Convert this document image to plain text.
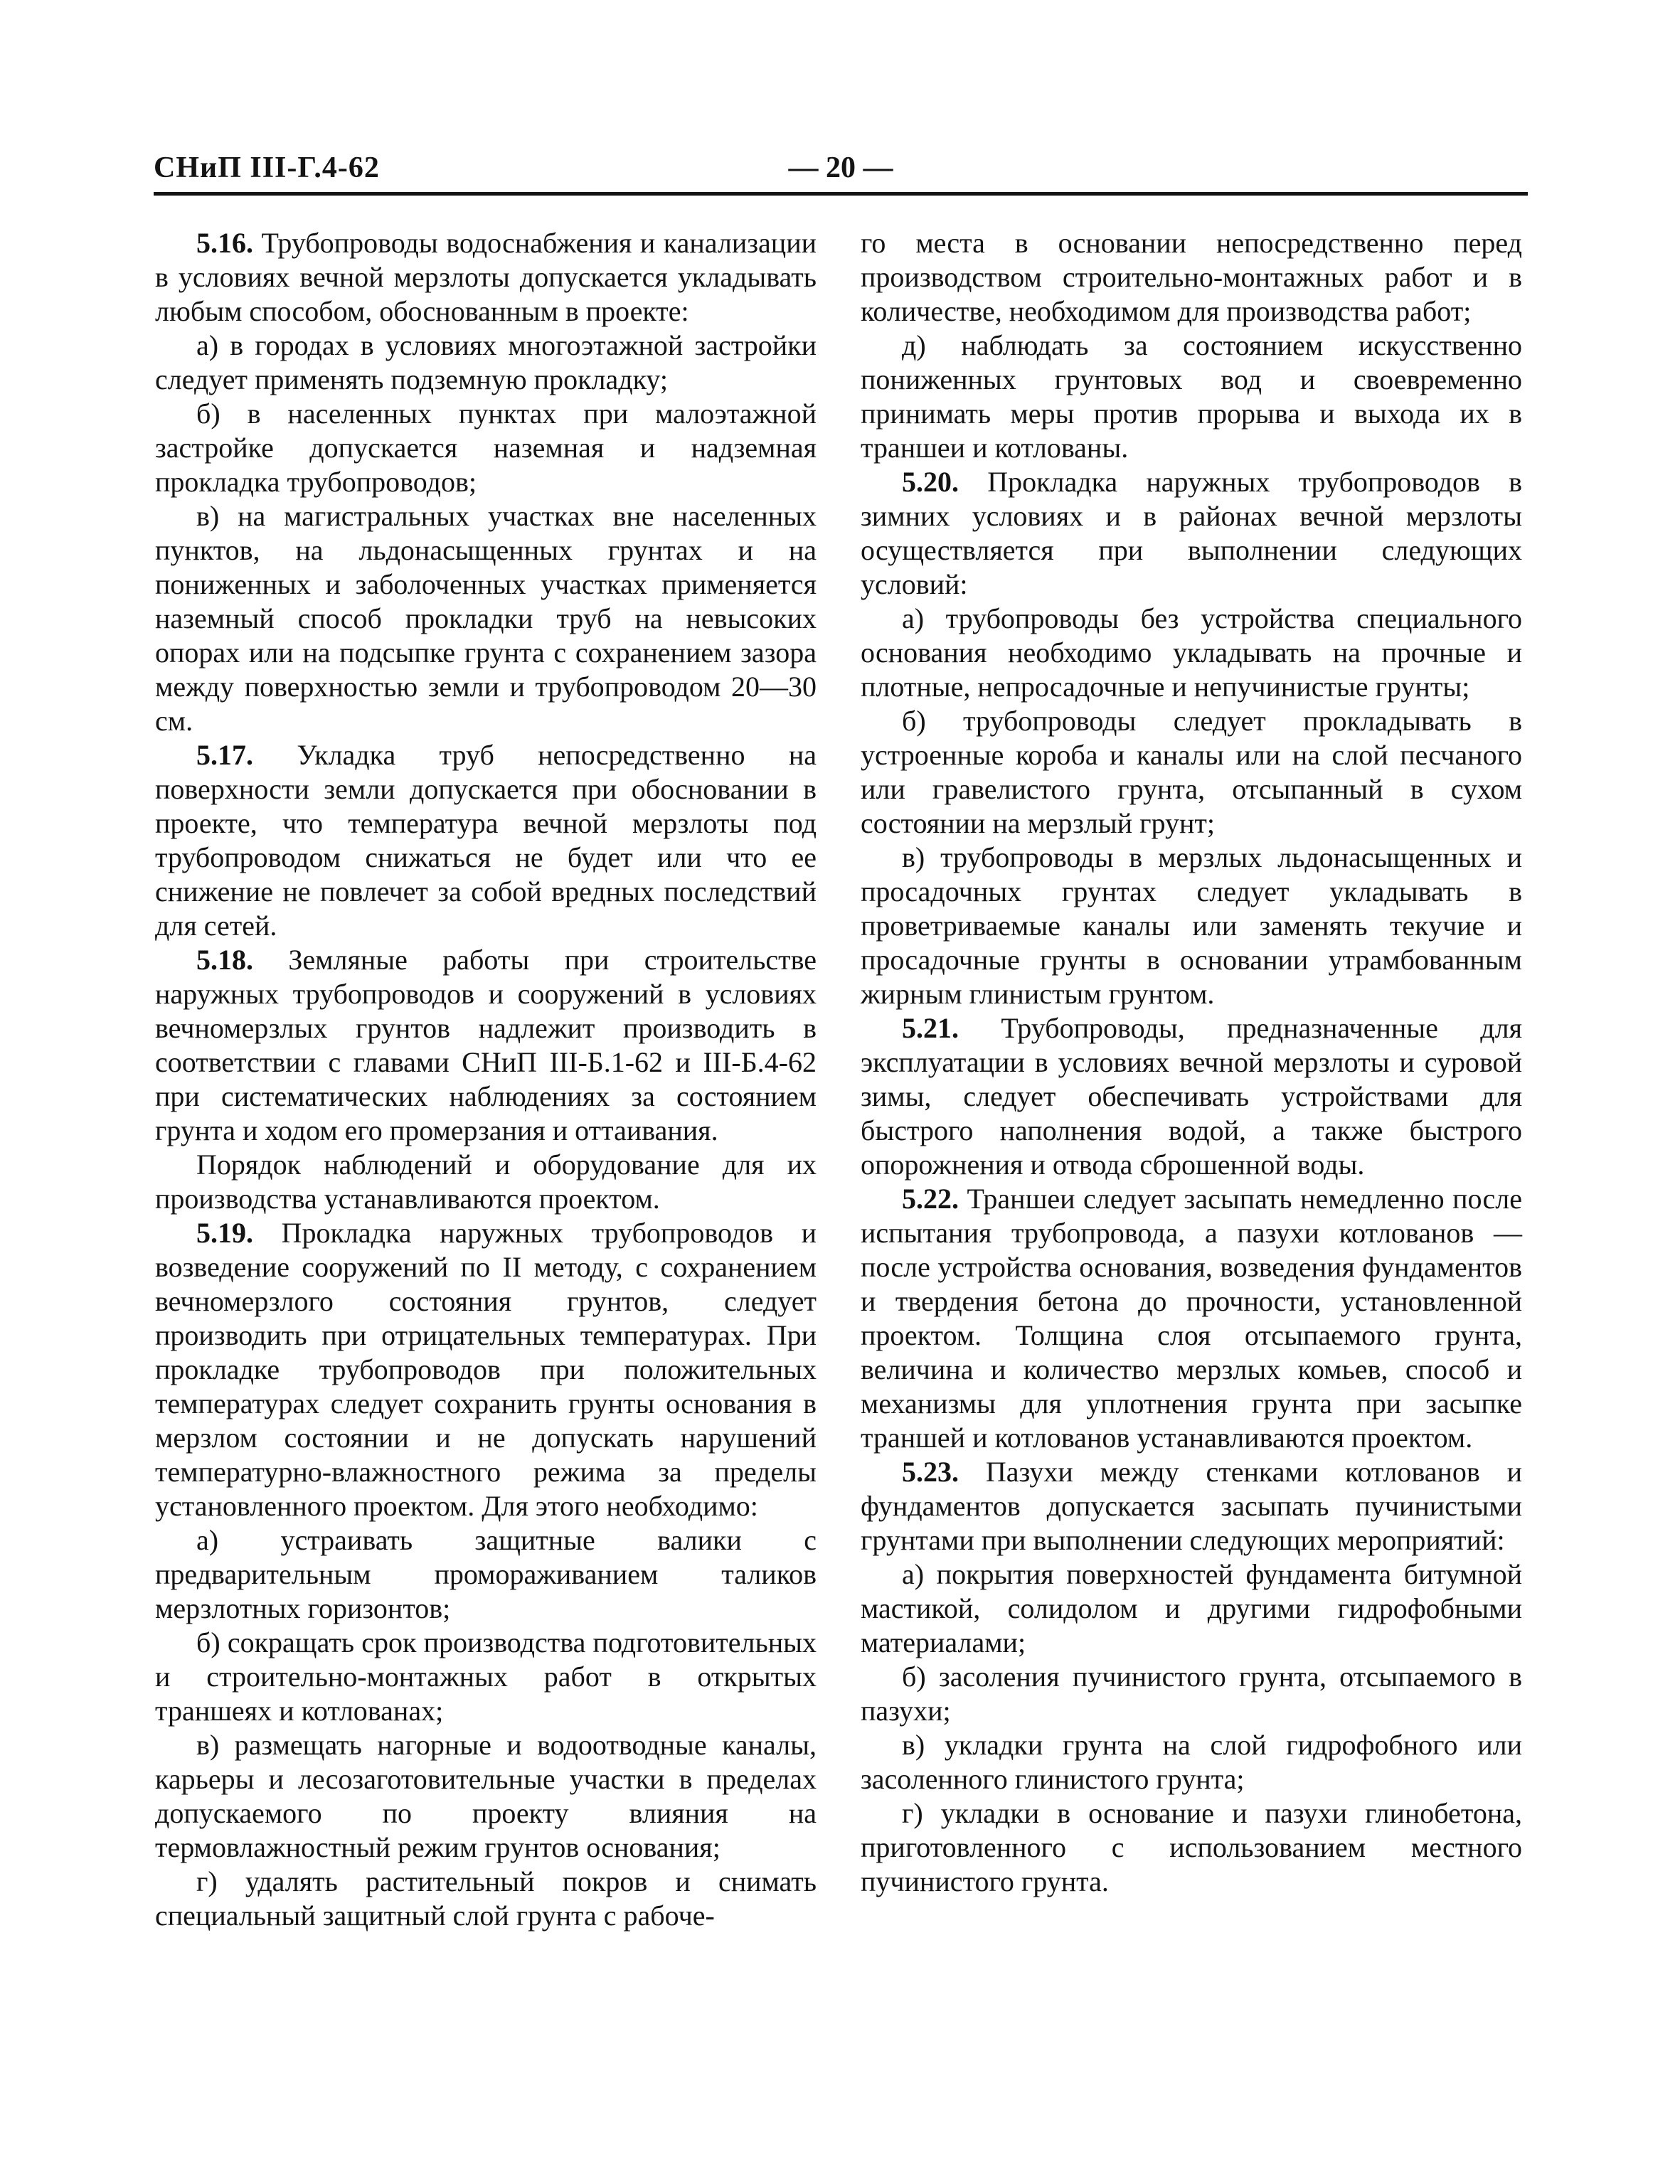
СНиП III-Г.4-62	— 20 —

5.16. Трубопроводы водоснабжения и канализации в условиях вечной мерзлоты допускается укладывать любым способом, обоснованным в проекте:

а) в городах в условиях многоэтажной застройки следует применять подземную прокладку;

б) в населенных пунктах при малоэтажной застройке допускается наземная и надземная прокладка трубопроводов;

в) на магистральных участках вне населенных пунктов, на льдонасыщенных грунтах и на пониженных и заболоченных участках применяется наземный способ прокладки труб на невысоких опорах или на подсыпке грунта с сохранением зазора между поверхностью земли и трубопроводом 20—30 см.

5.17. Укладка труб непосредственно на поверхности земли допускается при обосновании в проекте, что температура вечной мерзлоты под трубопроводом снижаться не будет или что ее снижение не повлечет за собой вредных последствий для сетей.

5.18. Земляные работы при строительстве наружных трубопроводов и сооружений в условиях вечномерзлых грунтов надлежит производить в соответствии с главами СНиП III-Б.1-62 и III-Б.4-62 при систематических наблюдениях за состоянием грунта и ходом его промерзания и оттаивания.

Порядок наблюдений и оборудование для их производства устанавливаются проектом.

5.19. Прокладка наружных трубопроводов и возведение сооружений по II методу, с сохранением вечномерзлого состояния грунтов, следует производить при отрицательных температурах. При прокладке трубопроводов при положительных температурах следует сохранить грунты основания в мерзлом состоянии и не допускать нарушений температурно-влажностного режима за пределы установленного проектом. Для этого необходимо:

а) устраивать защитные валики с предварительным промораживанием таликов мерзлотных горизонтов;

б) сокращать срок производства подготовительных и строительно-монтажных работ в открытых траншеях и котлованах;

в) размещать нагорные и водоотводные каналы, карьеры и лесозаготовительные участки в пределах допускаемого по проекту влияния на термовлажностный режим грунтов основания;

г) удалять растительный покров и снимать специальный защитный слой грунта с рабоче-

го места в основании непосредственно перед производством строительно-монтажных работ и в количестве, необходимом для производства работ;

д) наблюдать за состоянием искусственно пониженных грунтовых вод и своевременно принимать меры против прорыва и выхода их в траншеи и котлованы.

5.20. Прокладка наружных трубопроводов в зимних условиях и в районах вечной мерзлоты осуществляется при выполнении следующих условий:

а) трубопроводы без устройства специального основания необходимо укладывать на прочные и плотные, непросадочные и непучинистые грунты;

б) трубопроводы следует прокладывать в устроенные короба и каналы или на слой песчаного или гравелистого грунта, отсыпанный в сухом состоянии на мерзлый грунт;

в) трубопроводы в мерзлых льдонасыщенных и просадочных грунтах следует укладывать в проветриваемые каналы или заменять текучие и просадочные грунты в основании утрамбованным жирным глинистым грунтом.

5.21. Трубопроводы, предназначенные для эксплуатации в условиях вечной мерзлоты и суровой зимы, следует обеспечивать устройствами для быстрого наполнения водой, а также быстрого опорожнения и отвода сброшенной воды.

5.22. Траншеи следует засыпать немедленно после испытания трубопровода, а пазухи котлованов — после устройства основания, возведения фундаментов и твердения бетона до прочности, установленной проектом. Толщина слоя отсыпаемого грунта, величина и количество мерзлых комьев, способ и механизмы для уплотнения грунта при засыпке траншей и котлованов устанавливаются проектом.

5.23. Пазухи между стенками котлованов и фундаментов допускается засыпать пучинистыми грунтами при выполнении следующих мероприятий:

а) покрытия поверхностей фундамента битумной мастикой, солидолом и другими гидрофобными материалами;

б) засоления пучинистого грунта, отсыпаемого в пазухи;

в) укладки грунта на слой гидрофобного или засоленного глинистого грунта;

г) укладки в основание и пазухи глинобетона, приготовленного с использованием местного пучинистого грунта.
